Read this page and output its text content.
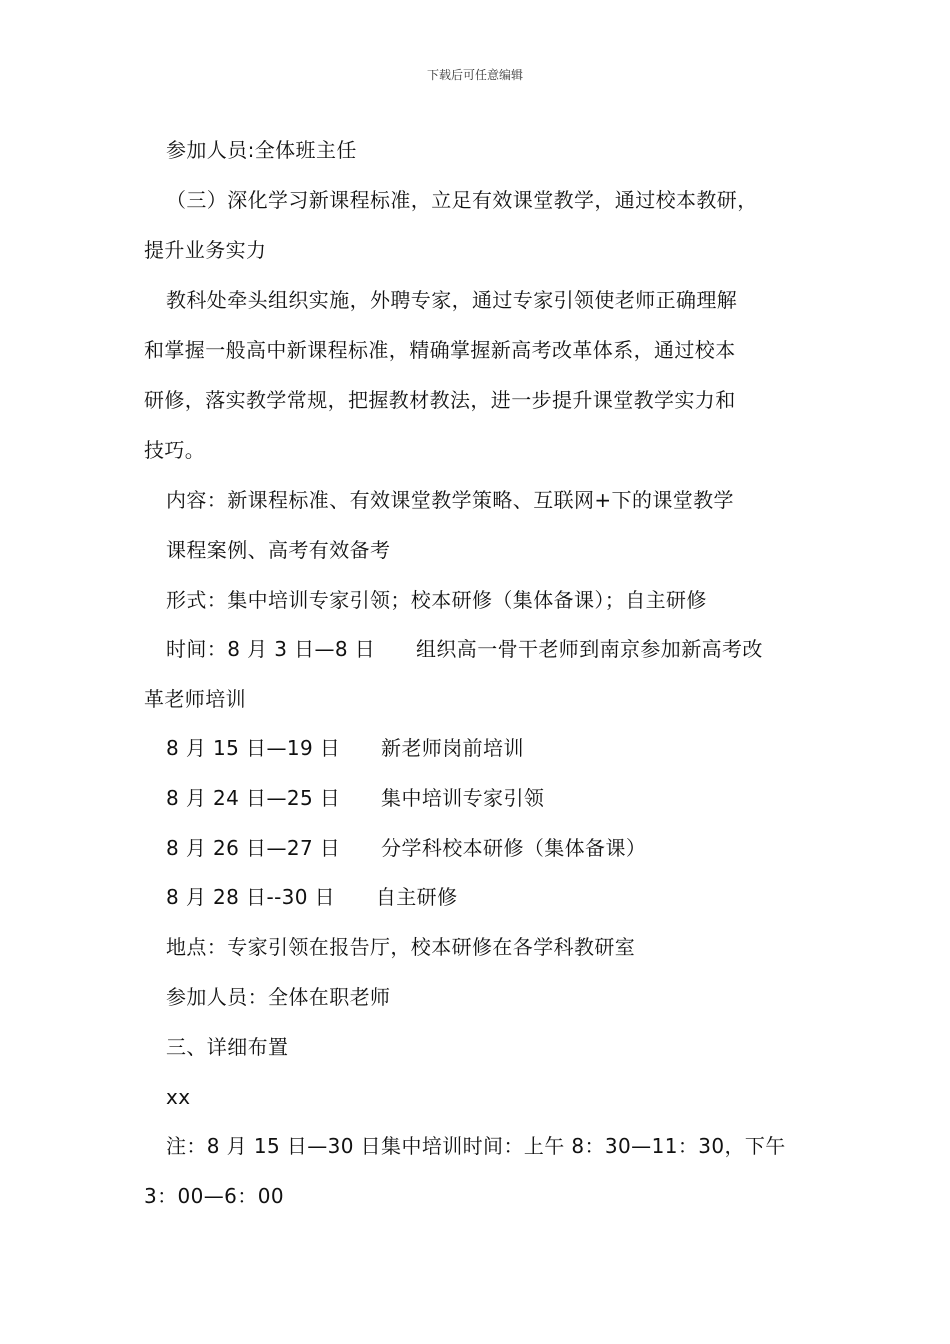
下载后可任意编辑
参加人员:全体班主任
（三）深化学习新课程标准，立足有效课堂教学，通过校本教研，
提升业务实力
教科处牵头组织实施，外聘专家，通过专家引领使老师正确理解
和掌握一般高中新课程标准，精确掌握新高考改革体系，通过校本
研修，落实教学常规，把握教材教法，进一步提升课堂教学实力和
技巧。
内容：新课程标准、有效课堂教学策略、互联网+下的课堂教学
课程案例、高考有效备考
形式：集中培训专家引领；校本研修（集体备课）；自主研修
时间：8 月 3 日—8 日　　组织高一骨干老师到南京参加新高考改
革老师培训
8 月 15 日—19 日　　新老师岗前培训
8 月 24 日—25 日　　集中培训专家引领
8 月 26 日—27 日　　分学科校本研修（集体备课）
8 月 28 日--30 日　　自主研修
地点：专家引领在报告厅，校本研修在各学科教研室
参加人员：全体在职老师
三、详细布置
xx
注：8 月 15 日—30 日集中培训时间：上午 8：30—11：30，下午
3：00—6：00
